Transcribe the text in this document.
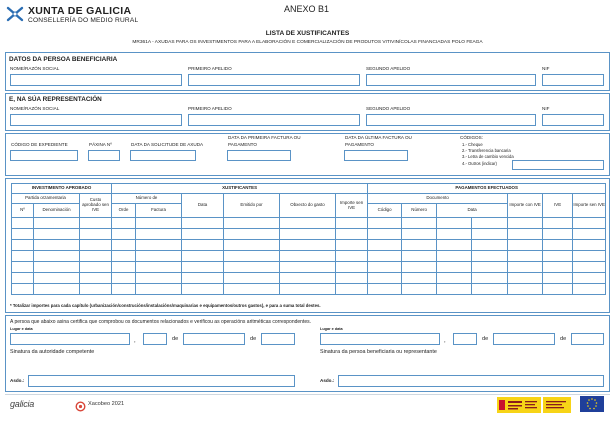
XUNTA DE GALICIA
CONSELLERÍA DO MEDIO RURAL
ANEXO B1
LISTA DE XUSTIFICANTES
MR361A - AXUDAS PARA OS INVESTIMENTOS PARA A ELABORACIÓN E COMERCIALIZACIÓN DE PRODUTOS VITIVINÍCOLAS FINANCIADAS POLO FEAGA
DATOS DA PERSOA BENEFICIARIA
NOME/RAZÓN SOCIAL	PRIMEIRO APELIDO	SEGUNDO APELIDO	NIF
E, NA SÚA REPRESENTACIÓN
NOME/RAZÓN SOCIAL	PRIMEIRO APELIDO	SEGUNDO APELIDO	NIF
CÓDIGO DE EXPEDIENTE	PÁXINA Nº	DATA DA SOLICITUDE DE AXUDA
DATA DA PRIMEIRA FACTURA OU
PAGAMENTO
DATA DA ÚLTIMA FACTURA OU
PAGAMENTO
CÓDIGOS:
1.- Cheque
2.- Transferencia bancaria
3.- Letra de cambio vencida
4.- Outros (indicar)
INVESTIMENTO APROBADO			XUSTIFICANTES						PAGAMENTOS EFECTUADOS						
Partida orzamentaria		Custo aprobado sen IVE	Número de		Data	Emitido por	Obxecto do gasto	Importe sen IVE	Documento				Importe con IVE	IVE	Importe sen IVE
Nº	Denominación		Orde	Factura					Código	Número	Data				

* Totalizar importes para cada capítulo (urbanización/construcións/instalacións/maquinarias e equipamentos/outros gastos), e para a suma total destes.
A persoa que abaixo asina certifica que comprobou os documentos relacionados e verificou as operacións aritméticas correspondentes.
Lugar e data
,	de	de
Lugar e data
,	de	de
Sinatura da autoridade competente	Sinatura da persoa beneficiaria ou representante
Asdo.:	Asdo.:
galicia	Xacobeo 2021
